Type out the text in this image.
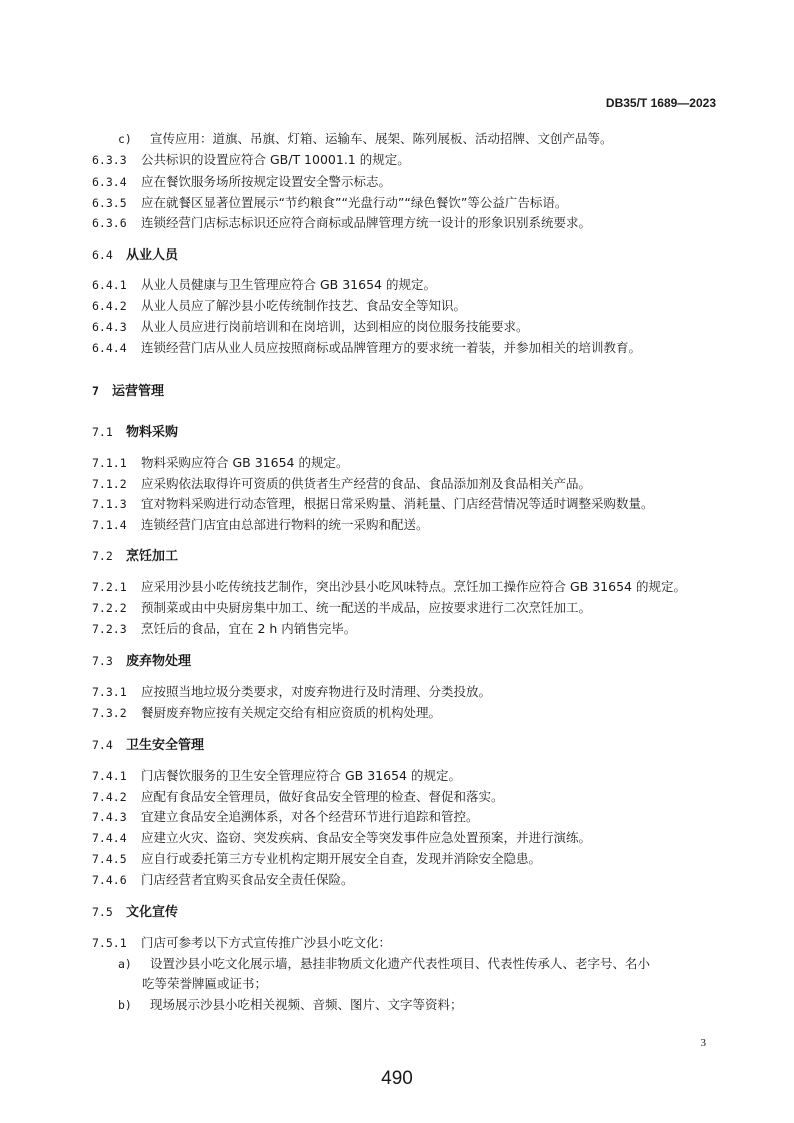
DB35/T 1689—2023
c) 宣传应用：道旗、吊旗、灯箱、运输车、展架、陈列展板、活动招牌、文创产品等。
6.3.3 公共标识的设置应符合 GB/T 10001.1 的规定。
6.3.4 应在餐饮服务场所按规定设置安全警示标志。
6.3.5 应在就餐区显著位置展示“节约粮食”“光盘行动”“绿色餐饮”等公益广告标语。
6.3.6 连锁经营门店标志标识还应符合商标或品牌管理方统一设计的形象识别系统要求。
6.4 从业人员
6.4.1 从业人员健康与卫生管理应符合 GB 31654 的规定。
6.4.2 从业人员应了解沙县小吃传统制作技艺、食品安全等知识。
6.4.3 从业人员应进行岗前培训和在岗培训，达到相应的岗位服务技能要求。
6.4.4 连锁经营门店从业人员应按照商标或品牌管理方的要求统一着装，并参加相关的培训教育。
7 运营管理
7.1 物料采购
7.1.1 物料采购应符合 GB 31654 的规定。
7.1.2 应采购依法取得许可资质的供货者生产经营的食品、食品添加剂及食品相关产品。
7.1.3 宜对物料采购进行动态管理，根据日常采购量、消耗量、门店经营情况等适时调整采购数量。
7.1.4 连锁经营门店宜由总部进行物料的统一采购和配送。
7.2 烹饪加工
7.2.1 应采用沙县小吃传统技艺制作，突出沙县小吃风味特点。烹饪加工操作应符合 GB 31654 的规定。
7.2.2 预制菜或由中央厨房集中加工、统一配送的半成品，应按要求进行二次烹饪加工。
7.2.3 烹饪后的食品，宜在 2 h 内销售完毕。
7.3 废弃物处理
7.3.1 应按照当地垃圾分类要求，对废弃物进行及时清理、分类投放。
7.3.2 餐厨废弃物应按有关规定交给有相应资质的机构处理。
7.4 卫生安全管理
7.4.1 门店餐饮服务的卫生安全管理应符合 GB 31654 的规定。
7.4.2 应配有食品安全管理员，做好食品安全管理的检查、督促和落实。
7.4.3 宜建立食品安全追溯体系，对各个经营环节进行追踪和管控。
7.4.4 应建立火灾、盗窃、突发疾病、食品安全等突发事件应急处置预案，并进行演练。
7.4.5 应自行或委托第三方专业机构定期开展安全自查，发现并消除安全隐患。
7.4.6 门店经营者宜购买食品安全责任保险。
7.5 文化宣传
7.5.1 门店可参考以下方式宣传推广沙县小吃文化：
a) 设置沙县小吃文化展示墙，悬挂非物质文化遗产代表性项目、代表性传承人、老字号、名小
吃等荣誉牌匾或证书；
b) 现场展示沙县小吃相关视频、音频、图片、文字等资料；
3
490
